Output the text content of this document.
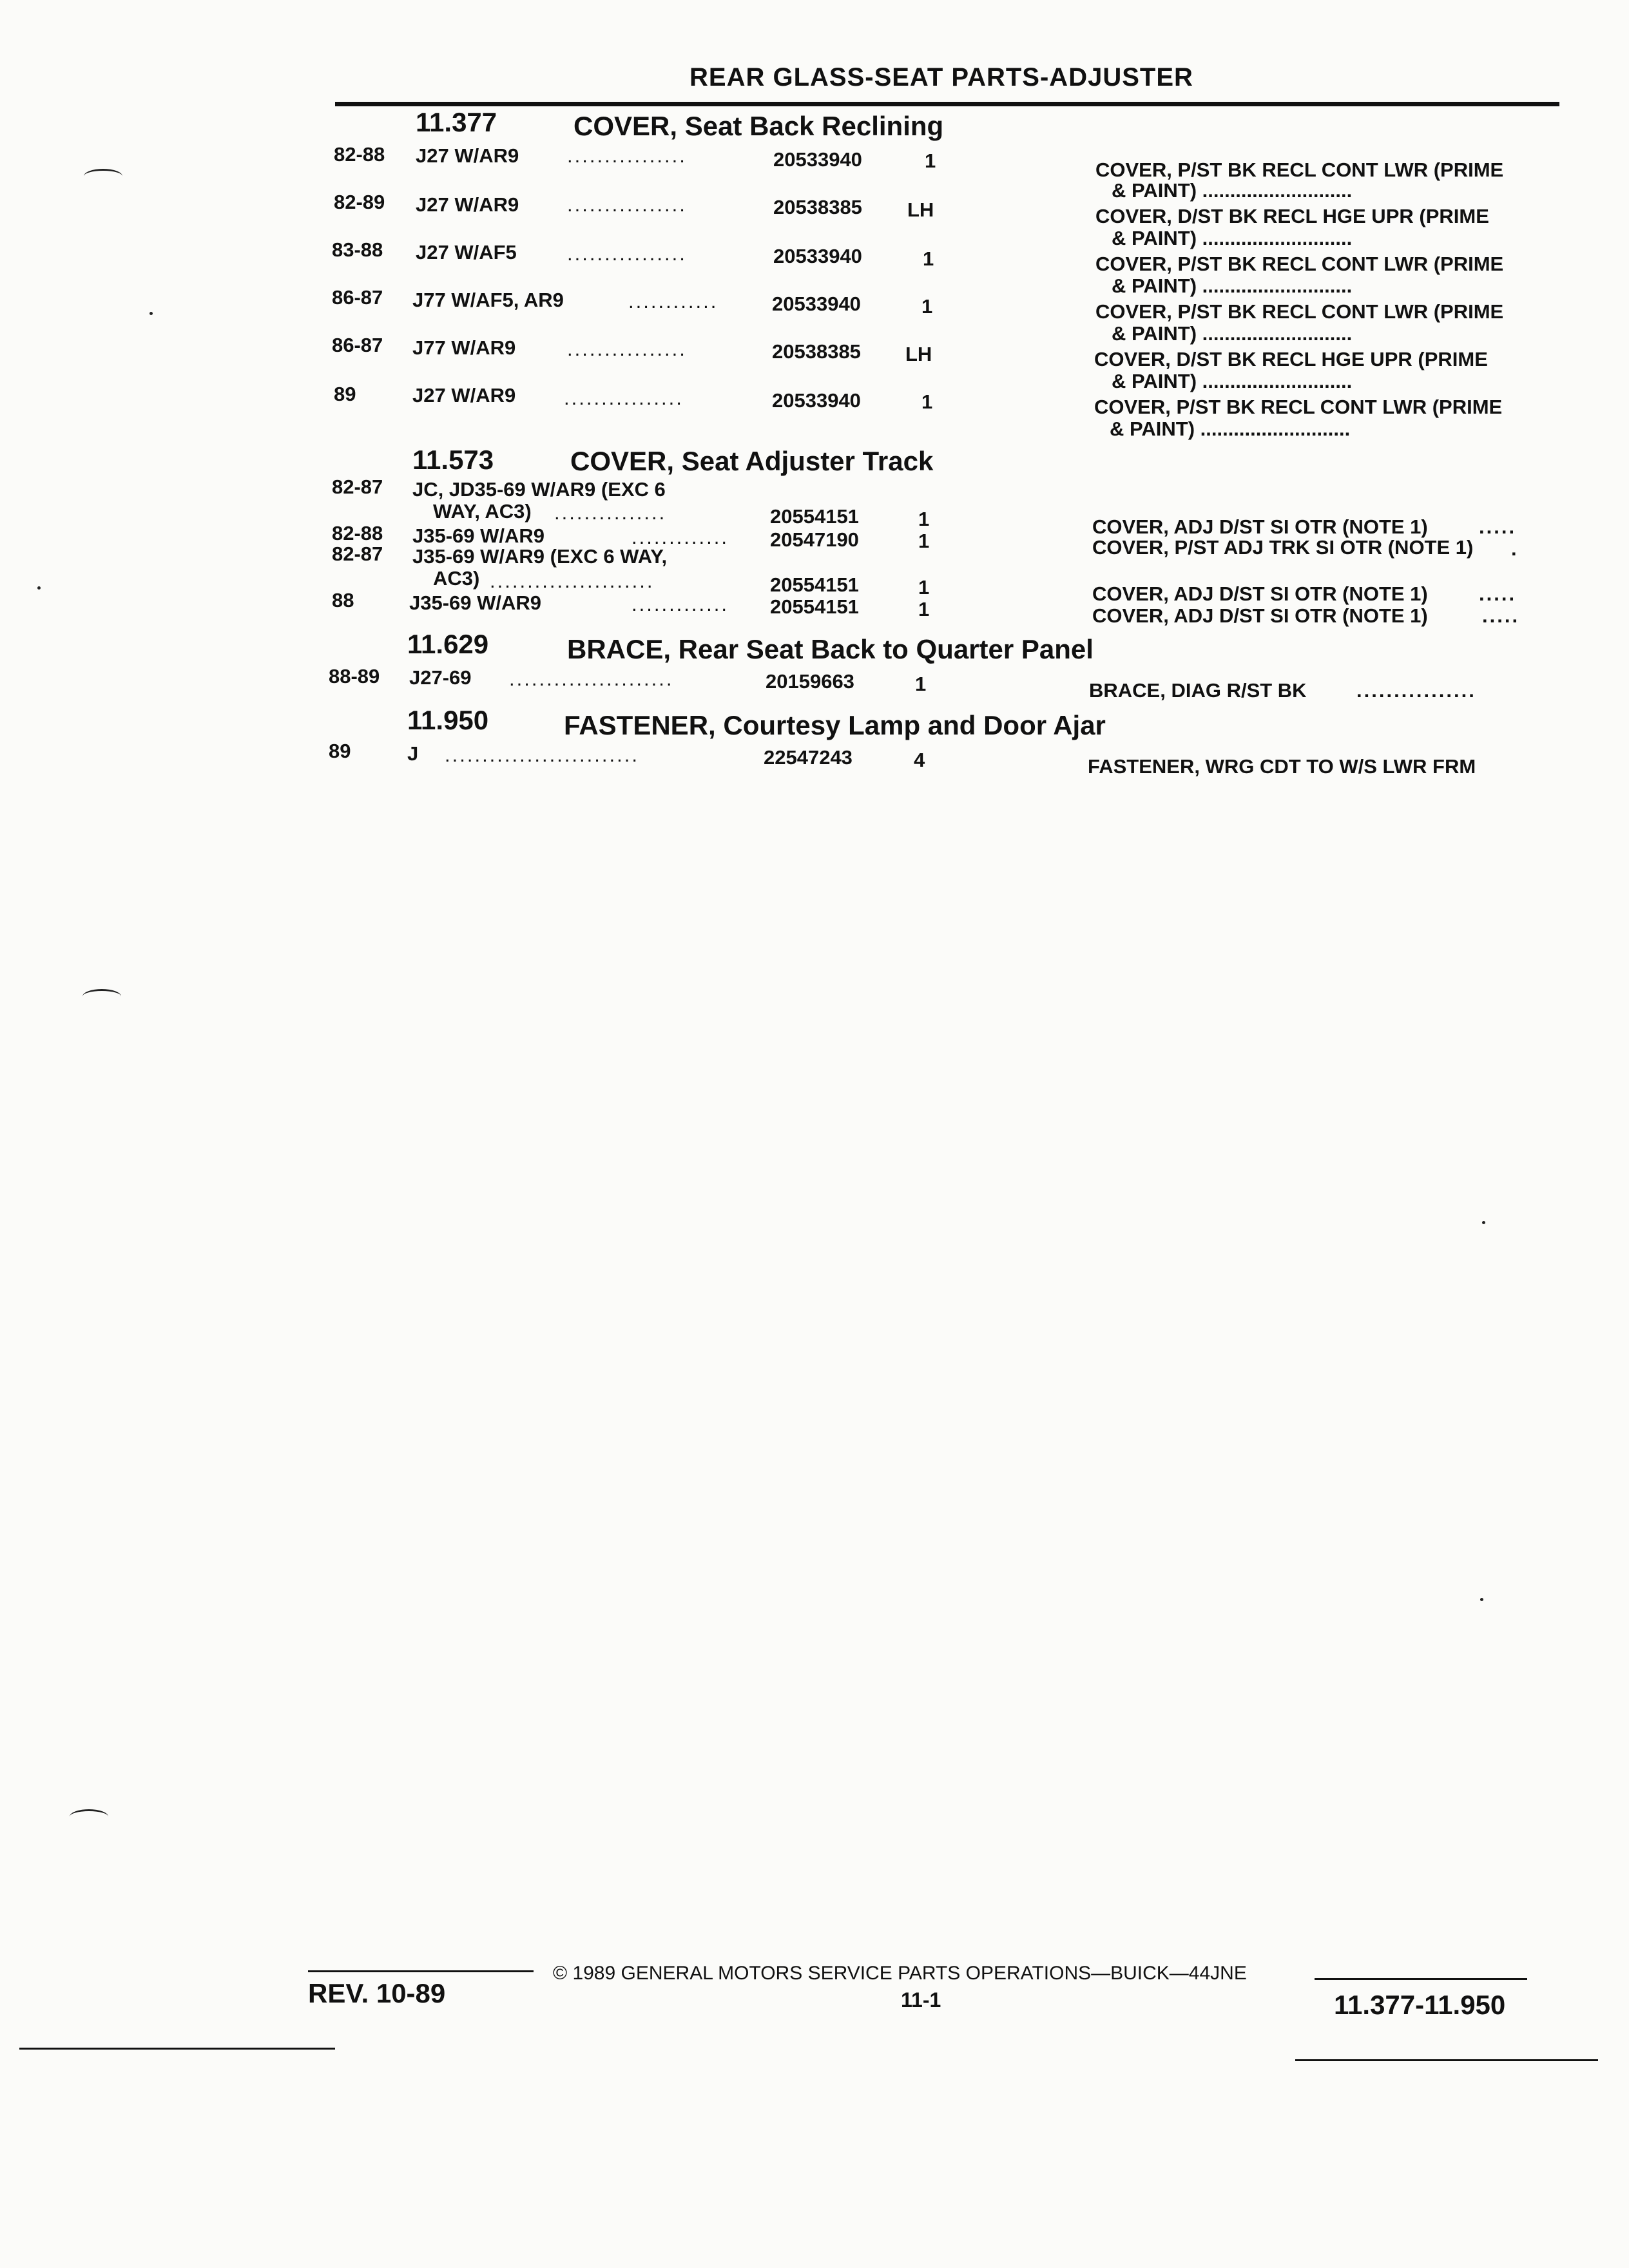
REAR GLASS-SEAT PARTS-ADJUSTER
11.377	COVER, Seat Back Reclining
82-88 J27 W/AR9 ................	20533940	1	COVER, P/ST BK RECL CONT LWR (PRIME
& PAINT) ...........................
82-89 J27 W/AR9 ................	20538385 LH	COVER, D/ST BK RECL HGE UPR (PRIME
& PAINT) ...........................
83-88 J27 W/AF5	................	20533940	1	COVER, P/ST BK RECL CONT LWR (PRIME
& PAINT) ...........................
86-87 J77 W/AF5, AR9	............	20533940	1	COVER, P/ST BK RECL CONT LWR (PRIME
& PAINT) ...........................
86-87 J77 W/AR9	................	20538385 LH	COVER, D/ST BK RECL HGE UPR (PRIME
& PAINT) ...........................
89	J27 W/AR9 ................	20533940	1	COVER, P/ST BK RECL CONT LWR (PRIME
& PAINT) ...........................
11.573	COVER, Seat Adjuster Track
82-87 JC, JD35-69 W/AR9 (EXC 6
WAY, AC3) ...............	20554151	1	COVER, ADJ D/ST SI OTR (NOTE 1)	.....
82-88 J35-69 W/AR9	............. 20547190	1	COVER, P/ST ADJ TRK SI OTR (NOTE 1) .
82-87 J35-69 W/AR9 (EXC 6 WAY,
AC3) ......................	20554151	1	COVER, ADJ D/ST SI OTR (NOTE 1)	.....
88	J35-69 W/AR9	............. 20554151	1	COVER, ADJ D/ST SI OTR (NOTE 1)	.....
11.629	BRACE, Rear Seat Back to Quarter Panel
88-89 J27-69 ......................	20159663	1	BRACE, DIAG R/ST BK ................
11.950	FASTENER, Courtesy Lamp and Door Ajar
89	J ..........................	22547243	4	FASTENER, WRG CDT TO W/S LWR FRM
© 1989 GENERAL MOTORS SERVICE PARTS OPERATIONS—BUICK—44JNE
REV. 10-89	11-1	11.377-11.950
